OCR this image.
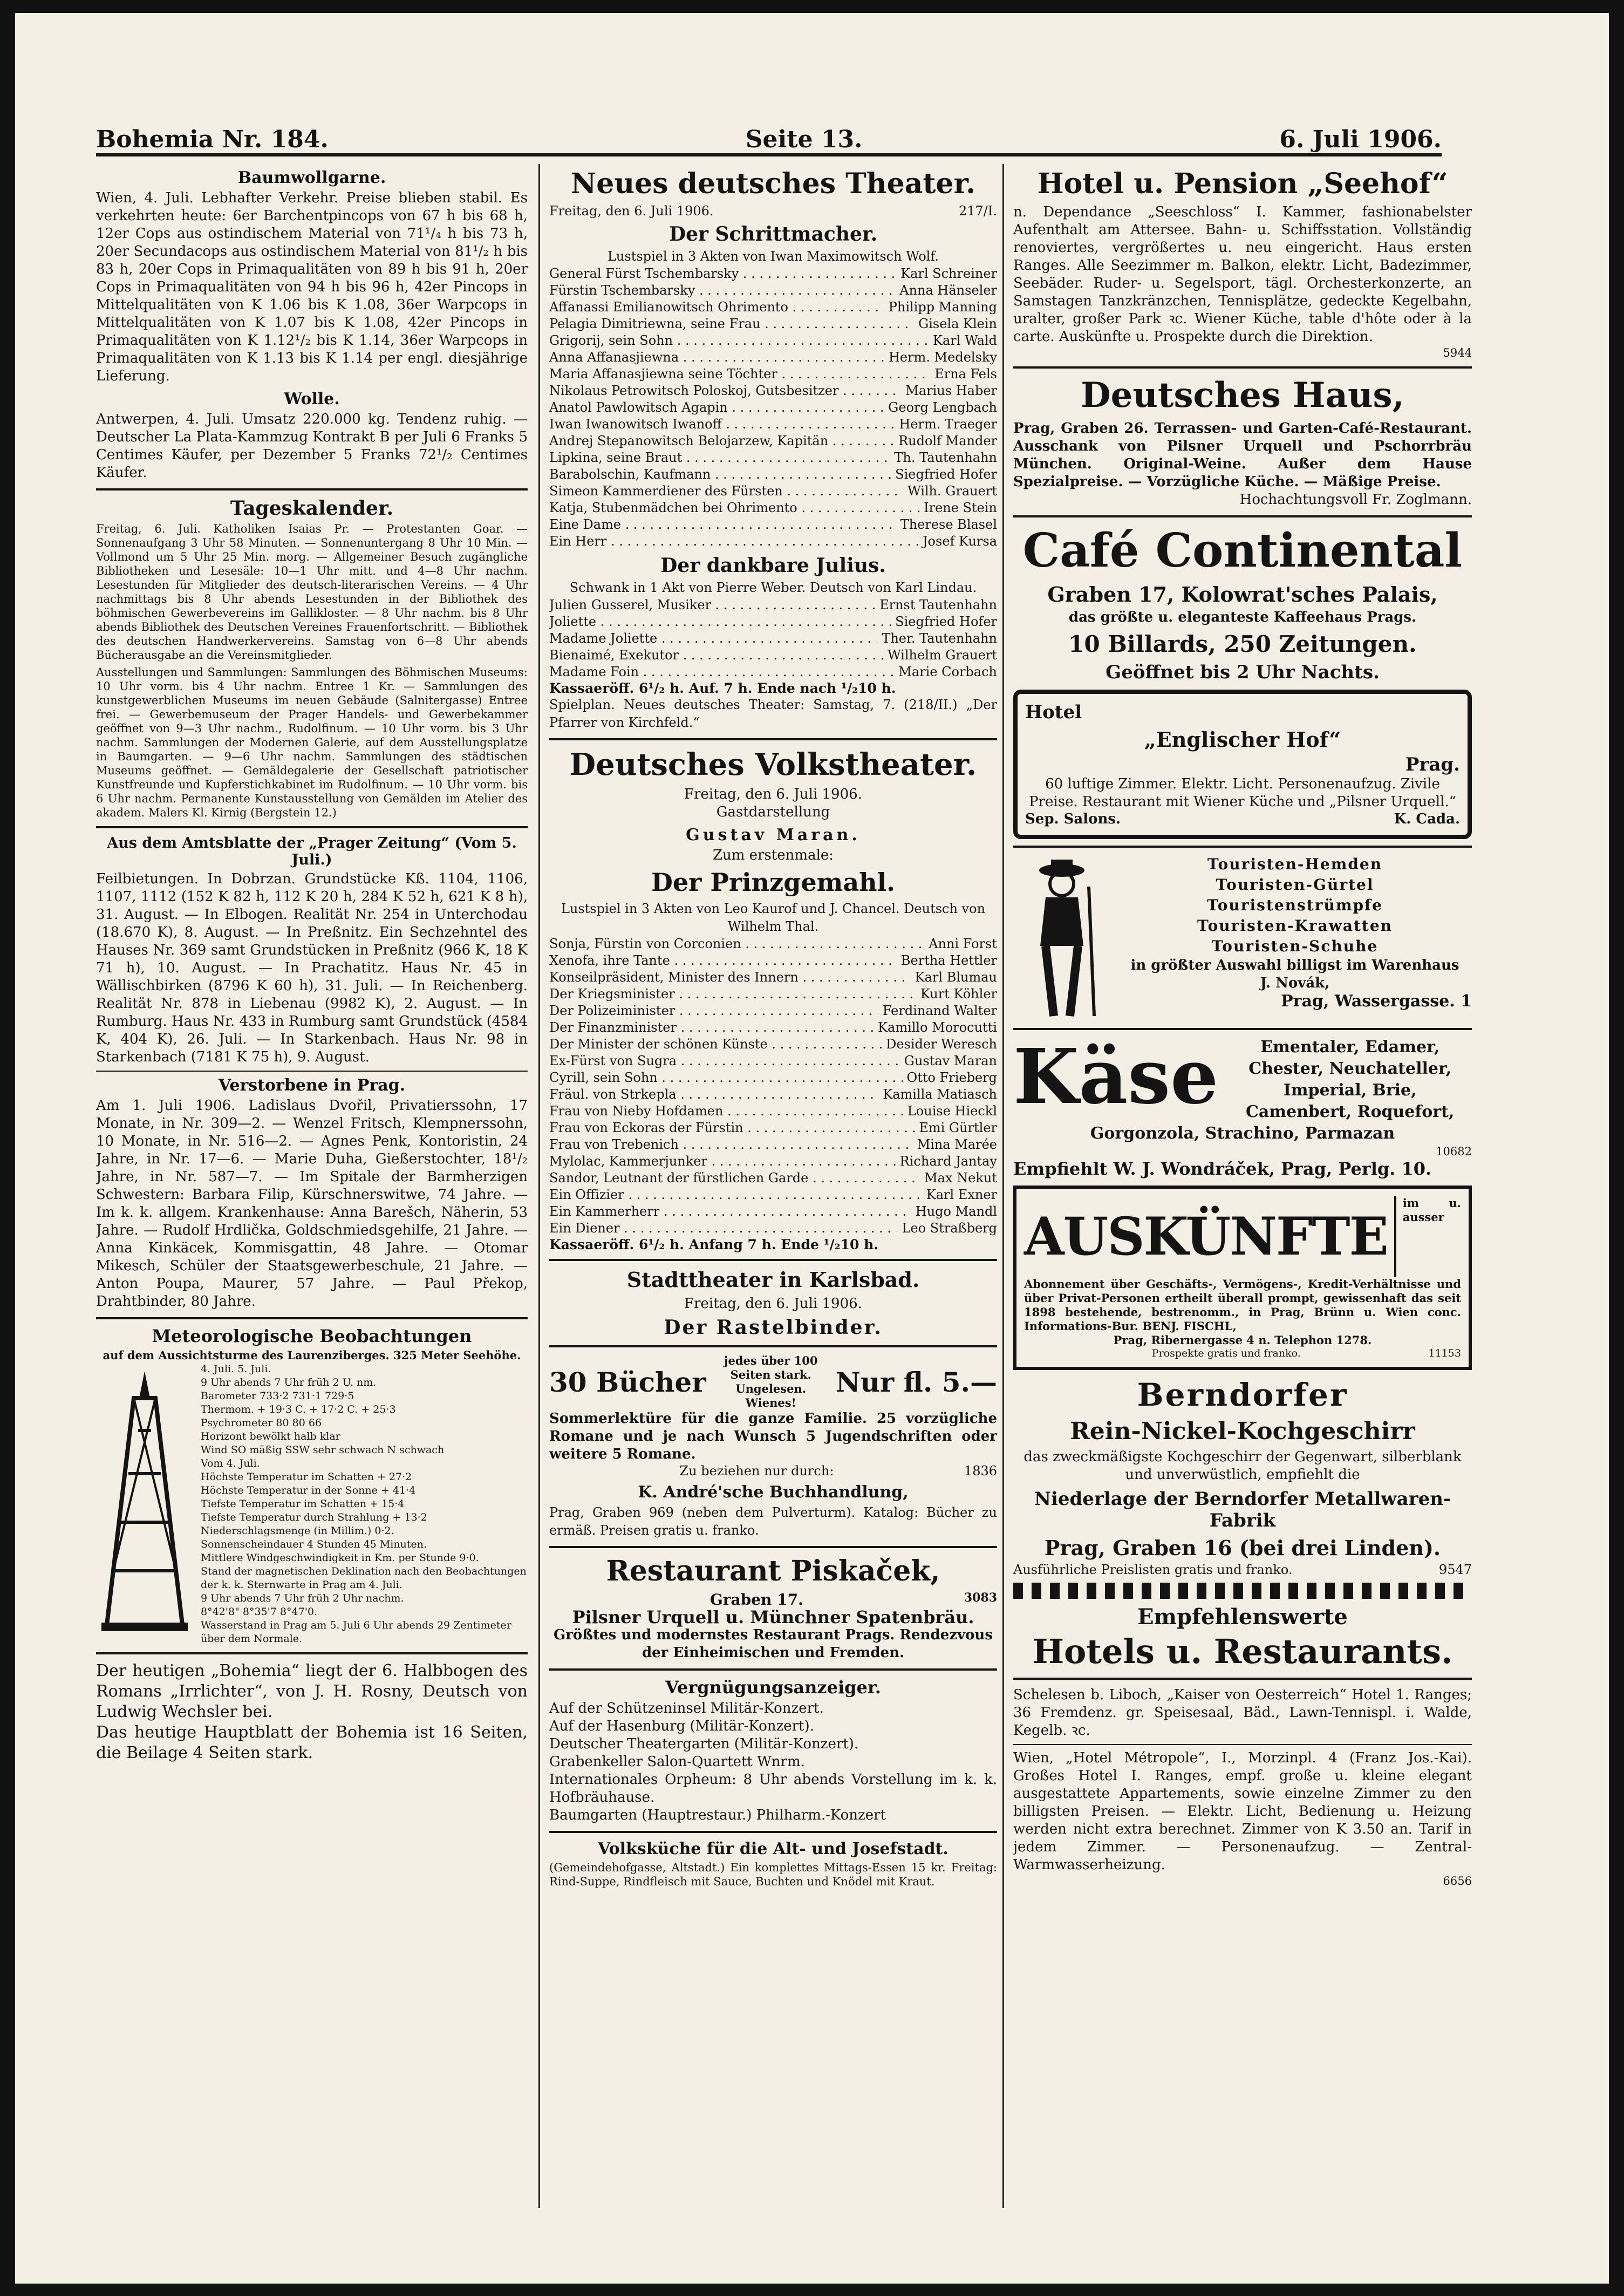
Bohemia Nr. 184.	Seite 13.	6. Juli 1906.

Baumwollgarne.

Wien, 4. Juli. Lebhafter Verkehr. Preise blieben stabil. Es verkehrten heute: 6er Barchentpincops von 67 h bis 68 h, 12er Cops aus ostindischem Material von 71¹/₄ h bis 73 h, 20er Secundacops aus ostindischem Material von 81¹/₂ h bis 83 h, 20er Cops in Primaqualitäten von 89 h bis 91 h, 20er Cops in Primaqualitäten von 94 h bis 96 h, 42er Pincops in Mittelqualitäten von K 1.06 bis K 1.08, 36er Warpcops in Mittelqualitäten von K 1.07 bis K 1.08, 42er Pincops in Primaqualitäten von K 1.12¹/₂ bis K 1.14, 36er Warpcops in Primaqualitäten von K 1.13 bis K 1.14 per engl. diesjährige Lieferung.

Wolle.

Antwerpen, 4. Juli. Umsatz 220.000 kg. Tendenz ruhig. — Deutscher La Plata-Kammzug Kontrakt B per Juli 6 Franks 5 Centimes Käufer, per Dezember 5 Franks 72¹/₂ Centimes Käufer.

Tageskalender.

Freitag, 6. Juli. Katholiken Isaias Pr. — Protestanten Goar. — Sonnenaufgang 3 Uhr 58 Minuten. — Sonnenuntergang 8 Uhr 10 Min. — Vollmond um 5 Uhr 25 Min. morg. — Allgemeiner Besuch zugängliche Bibliotheken und Lesesäle: 10—1 Uhr mitt. und 4—8 Uhr nachm. Lesestunden für Mitglieder des deutsch-literarischen Vereins. — 4 Uhr nachmittags bis 8 Uhr abends Lesestunden in der Bibliothek des böhmischen Gewerbevereins im Gallikloster. — 8 Uhr nachm. bis 8 Uhr abends Bibliothek des Deutschen Vereines Frauenfortschritt. — Bibliothek des deutschen Handwerkervereins. Samstag von 6—8 Uhr abends Bücherausgabe an die Vereinsmitglieder.

Ausstellungen und Sammlungen: Sammlungen des Böhmischen Museums: 10 Uhr vorm. bis 4 Uhr nachm. Entree 1 Kr. — Sammlungen des kunstgewerblichen Museums im neuen Gebäude (Salnitergasse) Entree frei. — Gewerbemuseum der Prager Handels- und Gewerbekammer geöffnet von 9—3 Uhr nachm., Rudolfinum. — 10 Uhr vorm. bis 3 Uhr nachm. Sammlungen der Modernen Galerie, auf dem Ausstellungsplatze in Baumgarten. — 9—6 Uhr nachm. Sammlungen des städtischen Museums geöffnet. — Gemäldegalerie der Gesellschaft patriotischer Kunstfreunde und Kupferstichkabinet im Rudolfinum. — 10 Uhr vorm. bis 6 Uhr nachm. Permanente Kunstausstellung von Gemälden im Atelier des akadem. Malers Kl. Kirnig (Bergstein 12.)

Aus dem Amtsblatte der „Prager Zeitung“ (Vom 5. Juli.)

Feilbietungen. In Dobrzan. Grundstücke Kß. 1104, 1106, 1107, 1112 (152 K 82 h, 112 K 20 h, 284 K 52 h, 621 K 8 h), 31. August. — In Elbogen. Realität Nr. 254 in Unterchodau (18.670 K), 8. August. — In Preßnitz. Ein Sechzehntel des Hauses Nr. 369 samt Grundstücken in Preßnitz (966 K, 18 K 71 h), 10. August. — In Prachatitz. Haus Nr. 45 in Wällischbirken (8796 K 60 h), 31. Juli. — In Reichenberg. Realität Nr. 878 in Liebenau (9982 K), 2. August. — In Rumburg. Haus Nr. 433 in Rumburg samt Grundstück (4584 K, 404 K), 26. Juli. — In Starkenbach. Haus Nr. 98 in Starkenbach (7181 K 75 h), 9. August.

Verstorbene in Prag.

Am 1. Juli 1906. Ladislaus Dvořil, Privatierssohn, 17 Monate, in Nr. 309—2. — Wenzel Fritsch, Klempnerssohn, 10 Monate, in Nr. 516—2. — Agnes Penk, Kontoristin, 24 Jahre, in Nr. 17—6. — Marie Duha, Gießerstochter, 18¹/₂ Jahre, in Nr. 587—7. — Im Spitale der Barmherzigen Schwestern: Barbara Filip, Kürschnerswitwe, 74 Jahre. — Im k. k. allgem. Krankenhause: Anna Barešch, Näherin, 53 Jahre. — Rudolf Hrdlička, Goldschmiedsgehilfe, 21 Jahre. — Anna Kinkäcek, Kommisgattin, 48 Jahre. — Otomar Mikesch, Schüler der Staatsgewerbeschule, 21 Jahre. — Anton Poupa, Maurer, 57 Jahre. — Paul Překop, Drahtbinder, 80 Jahre.

Meteorologische Beobachtungen

auf dem Aussichtsturme des Laurenziberges. 325 Meter Seehöhe.

4. Juli. 5. Juli.

9 Uhr abends 7 Uhr früh 2 U. nm.

Barometer 733·2 731·1 729·5

Thermom. + 19·3 C. + 17·2 C. + 25·3

Psychrometer 80 80 66

Horizont bewölkt halb klar

Wind SO mäßig SSW sehr schwach N schwach

Vom 4. Juli.

Höchste Temperatur im Schatten + 27·2

Höchste Temperatur in der Sonne + 41·4

Tiefste Temperatur im Schatten + 15·4

Tiefste Temperatur durch Strahlung + 13·2

Niederschlagsmenge (in Millim.) 0·2.

Sonnenscheindauer 4 Stunden 45 Minuten.

Mittlere Windgeschwindigkeit in Km. per Stunde 9·0.

Stand der magnetischen Deklination nach den Beobachtungen der k. k. Sternwarte in Prag am 4. Juli.

9 Uhr abends 7 Uhr früh 2 Uhr nachm.

8°42'8" 8°35'7 8°47'0.

Wasserstand in Prag am 5. Juli 6 Uhr abends 29 Zentimeter über dem Normale.

Der heutigen „Bohemia“ liegt der 6. Halbbogen des Romans „Irrlichter“, von J. H. Rosny, Deutsch von Ludwig Wechsler bei.

Das heutige Hauptblatt der Bohemia ist 16 Seiten, die Beilage 4 Seiten stark.

Neues deutsches Theater.

Freitag, den 6. Juli 1906.	217/I.

Der Schrittmacher.

Lustspiel in 3 Akten von Iwan Maximowitsch Wolf.

General Fürst Tschembarsky . . .	Karl Schreiner
Fürstin Tschembarsky . . .	Anna Hänseler
Affanassi Emilianowitsch Ohrimento . . .	Philipp Manning
Pelagia Dimitriewna, seine Frau . . .	Gisela Klein
Grigorij, sein Sohn . . .	Karl Wald
Anna Affanasjiewna . . .	Herm. Medelsky
Maria Affanasjiewna seine Töchter . . .	Erna Fels
Nikolaus Petrowitsch Poloskoj, Gutsbesitzer . . .	Marius Haber
Anatol Pawlowitsch Agapin . . .	Georg Lengbach
Iwan Iwanowitsch Iwanoff . . .	Herm. Traeger
Andrej Stepanowitsch Belojarzew, Kapitän . . .	Rudolf Mander
Lipkina, seine Braut . . .	Th. Tautenhahn
Barabolschin, Kaufmann . . .	Siegfried Hofer
Simeon Kammerdiener des Fürsten . . .	Wilh. Grauert
Katja, Stubenmädchen bei Ohrimento . . .	Irene Stein
Eine Dame . . .	Therese Blasel
Ein Herr . . .	Josef Kursa

Der dankbare Julius.

Schwank in 1 Akt von Pierre Weber. Deutsch von Karl Lindau.

Julien Gusserel, Musiker . . .	Ernst Tautenhahn
Joliette . . .	Siegfried Hofer
Madame Joliette . . .	Ther. Tautenhahn
Bienaimé, Exekutor . . .	Wilhelm Grauert
Madame Foin . . .	Marie Corbach

Kassaeröff. 6¹/₂ h. Auf. 7 h. Ende nach ¹/₂10 h.

Spielplan. Neues deutsches Theater: Samstag, 7. (218/II.) „Der Pfarrer von Kirchfeld.“

Deutsches Volkstheater.

Freitag, den 6. Juli 1906.

Gastdarstellung

Gustav Maran.

Zum erstenmale:

Der Prinzgemahl.

Lustspiel in 3 Akten von Leo Kaurof und J. Chancel. Deutsch von Wilhelm Thal.

Sonja, Fürstin von Corconien . . .	Anni Forst
Xenofa, ihre Tante . . .	Bertha Hettler
Konseilpräsident, Minister des Innern . . .	Karl Blumau
Der Kriegsminister . . .	Kurt Köhler
Der Polizeiminister . . .	Ferdinand Walter
Der Finanzminister . . .	Kamillo Morocutti
Der Minister der schönen Künste . . .	Desider Weresch
Ex-Fürst von Sugra . . .	Gustav Maran
Cyrill, sein Sohn . . .	Otto Frieberg
Fräul. von Strkepla . . .	Kamilla Matiasch
Frau von Nieby Hofdamen . . .	Louise Hieckl
Frau von Eckoras der Fürstin . . .	Emi Gürtler
Frau von Trebenich . . .	Mina Marée
Mylolac, Kammerjunker . . .	Richard Jantay
Sandor, Leutnant der fürstlichen Garde . . .	Max Nekut
Ein Offizier . . .	Karl Exner
Ein Kammerherr . . .	Hugo Mandl
Ein Diener . . .	Leo Straßberg

Kassaeröff. 6¹/₂ h. Anfang 7 h. Ende ¹/₂10 h.

Stadttheater in Karlsbad.

Freitag, den 6. Juli 1906.

Der Rastelbinder.

30 Bücher
jedes über 100 Seiten stark. Ungelesen. Wienes!
Nur fl. 5.—

Sommerlektüre für die ganze Familie. 25 vorzügliche Romane und je nach Wunsch 5 Jugendschriften oder weitere 5 Romane.

Zu beziehen nur durch:	1836

K. André'sche Buchhandlung,

Prag, Graben 969 (neben dem Pulverturm). Katalog: Bücher zu ermäß. Preisen gratis u. franko.

Restaurant Piskaček,

Graben 17.	3083

Pilsner Urquell u. Münchner Spatenbräu.

Größtes und modernstes Restaurant Prags. Rendezvous der Einheimischen und Fremden.

Vergnügungsanzeiger.

Auf der Schützeninsel Militär-Konzert.

Auf der Hasenburg (Militär-Konzert).

Deutscher Theatergarten (Militär-Konzert).

Grabenkeller Salon-Quartett Wnrm.

Internationales Orpheum: 8 Uhr abends Vorstellung im k. k. Hofbräuhause.

Baumgarten (Hauptrestaur.) Philharm.-Konzert

Volksküche für die Alt- und Josefstadt.

(Gemeindehofgasse, Altstadt.) Ein komplettes Mittags-Essen 15 kr. Freitag: Rind-Suppe, Rindfleisch mit Sauce, Buchten und Knödel mit Kraut.

Hotel u. Pension „Seehof“

n. Dependance „Seeschloss“ I. Kammer, fashionabelster Aufenthalt am Attersee. Bahn- u. Schiffsstation. Vollständig renoviertes, vergrößertes u. neu eingericht. Haus ersten Ranges. Alle Seezimmer m. Balkon, elektr. Licht, Badezimmer, Seebäder. Ruder- u. Segelsport, tägl. Orchesterkonzerte, an Samstagen Tanzkränzchen, Tennisplätze, gedeckte Kegelbahn, uralter, großer Park ꝛc. Wiener Küche, table d'hôte oder à la carte. Auskünfte u. Prospekte durch die Direktion.

5944

Deutsches Haus,

Prag, Graben 26. Terrassen- und Garten-Café-Restaurant. Ausschank von Pilsner Urquell und Pschorrbräu München. Original-Weine. Außer dem Hause Spezialpreise. — Vorzügliche Küche. — Mäßige Preise.

Hochachtungsvoll Fr. Zoglmann.

Café Continental

Graben 17, Kolowrat'sches Palais,

das größte u. eleganteste Kaffeehaus Prags.

10 Billards, 250 Zeitungen.

Geöffnet bis 2 Uhr Nachts.

Hotel

„Englischer Hof“

Prag.

60 luftige Zimmer. Elektr. Licht. Personenaufzug. Zivile Preise. Restaurant mit Wiener Küche und „Pilsner Urquell.“

Sep. Salons.	K. Cada.

Touristen-Hemden

Touristen-Gürtel

Touristenstrümpfe

Touristen-Krawatten

Touristen-Schuhe

in größter Auswahl billigst im Warenhaus

J. Novák,

Prag, Wassergasse. 1

Käse	Ementaler, Edamer, Chester, Neuchateller, Imperial, Brie, Camenbert, Roquefort, Gorgonzola, Strachino, Parmazan

10682

Empfiehlt W. J. Wondráček, Prag, Perlg. 10.

AUSKÜNFTE

im u. ausser Abonnement über Geschäfts-, Vermögens-, Kredit-Verhältnisse und über Privat-Personen ertheilt überall prompt, gewissenhaft das seit 1898 bestehende, bestrenomm., in Prag, Brünn u. Wien conc. Informations-Bur. BENJ. FISCHL,

Prag, Ribernergasse 4 n. Telephon 1278.

Prospekte gratis und franko.	11153

Berndorfer

Rein-Nickel-Kochgeschirr

das zweckmäßigste Kochgeschirr der Gegenwart, silberblank und unverwüstlich, empfiehlt die

Niederlage der Berndorfer Metallwaren-Fabrik

Prag, Graben 16 (bei drei Linden).

Ausführliche Preislisten gratis und franko.	9547

Empfehlenswerte

Hotels u. Restaurants.

Schelesen b. Liboch, „Kaiser von Oesterreich“ Hotel 1. Ranges; 36 Fremdenz. gr. Speisesaal, Bäd., Lawn-Tennispl. i. Walde, Kegelb. ꝛc.

Wien, „Hotel Métropole“, I., Morzinpl. 4 (Franz Jos.-Kai). Großes Hotel I. Ranges, empf. große u. kleine elegant ausgestattete Appartements, sowie einzelne Zimmer zu den billigsten Preisen. — Elektr. Licht, Bedienung u. Heizung werden nicht extra berechnet. Zimmer von K 3.50 an. Tarif in jedem Zimmer. — Personenaufzug. — Zentral-Warmwasserheizung.

6656
